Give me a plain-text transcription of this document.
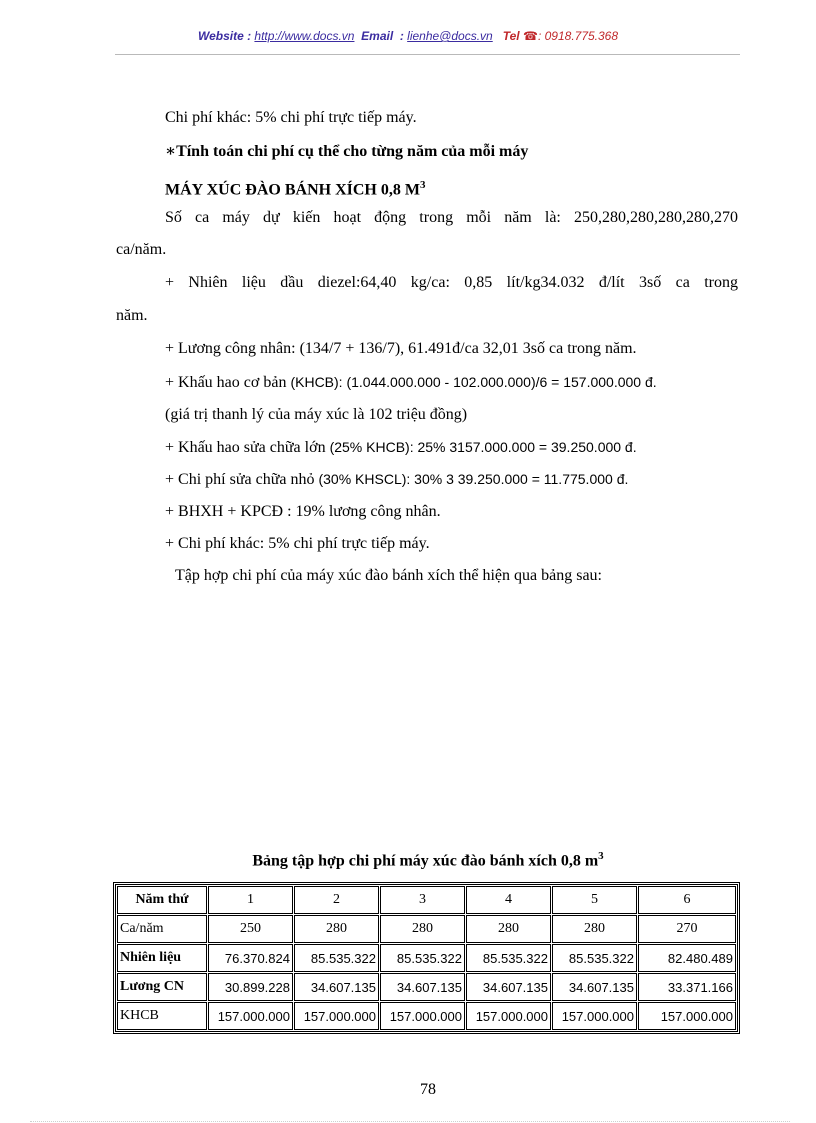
Website : http://www.docs.vn Email  : lienhe@docs.vn Tel ☎: 0918.775.368
Chi phí khác: 5% chi phí trực tiếp máy.
∗Tính toán chi phí cụ thể cho từng năm của mỗi máy
MÁY XÚC ĐÀO BÁNH XÍCH 0,8 $M^3$
Số ca máy dự kiến hoạt động trong mỗi năm là: 250,280,280,280,280,270
ca/năm.
+ Nhiên liệu dầu diezel:64,40 kg/ca: 0,85 lít/kg34.032 đ/lít 3số ca trong
năm.
+ Lương công nhân: (134/7 + 136/7), 61.491đ/ca 32,01 3số ca trong năm.
+ Khấu hao cơ bản (KHCB): (1.044.000.000 - 102.000.000)/6 = 157.000.000 đ.
(giá trị thanh lý của máy xúc là 102 triệu đồng)
+ Khấu hao sửa chữa lớn (25% KHCB): 25% 3157.000.000 = 39.250.000 đ.
+ Chi phí sửa chữa nhỏ (30% KHSCL): 30% 3 39.250.000 = 11.775.000 đ.
+ BHXH + KPCĐ : 19% lương công nhân.
+ Chi phí khác: 5% chi phí trực tiếp máy.
Tập hợp chi phí của máy xúc đào bánh xích thể hiện qua bảng sau:
Bảng tập hợp chi phí máy xúc đào bánh xích 0,8 $m^3$
Năm thứ	1	2	3	4	5	6
Ca/năm	250	280	280	280	280	270
Nhiên liệu	76.370.824	85.535.322	85.535.322	85.535.322	85.535.322	82.480.489
Lương CN	30.899.228	34.607.135	34.607.135	34.607.135	34.607.135	33.371.166
KHCB	157.000.000	157.000.000	157.000.000	157.000.000	157.000.000	157.000.000
78
